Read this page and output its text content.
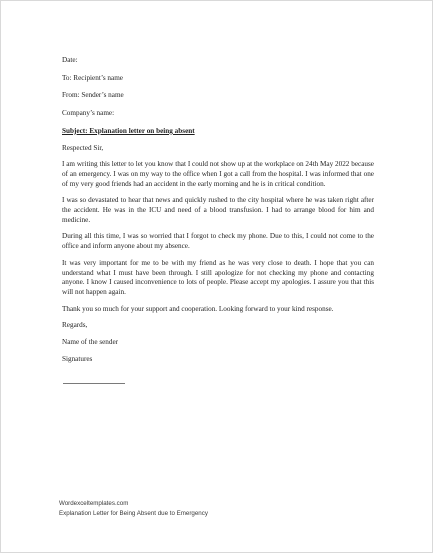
Date:

To: Recipient’s name

From: Sender’s name

Company’s name:

Subject: Explanation letter on being absent

Respected Sir,

I am writing this letter to let you know that I could not show up at the workplace on 24th May 2022 because of an emergency. I was on my way to the office when I got a call from the hospital. I was informed that one of my very good friends had an accident in the early morning and he is in critical condition.

I was so devastated to hear that news and quickly rushed to the city hospital where he was taken right after the accident. He was in the ICU and need of a blood transfusion. I had to arrange blood for him and medicine.

During all this time, I was so worried that I forgot to check my phone. Due to this, I could not come to the office and inform anyone about my absence.

It was very important for me to be with my friend as he was very close to death. I hope that you can understand what I must have been through. I still apologize for not checking my phone and contacting anyone. I know I caused inconvenience to lots of people. Please accept my apologies. I assure you that this will not happen again.

Thank you so much for your support and cooperation. Looking forward to your kind response.

Regards,

Name of the sender

Signatures

Wordexceltemplates.com
Explanation Letter for Being Absent due to Emergency
